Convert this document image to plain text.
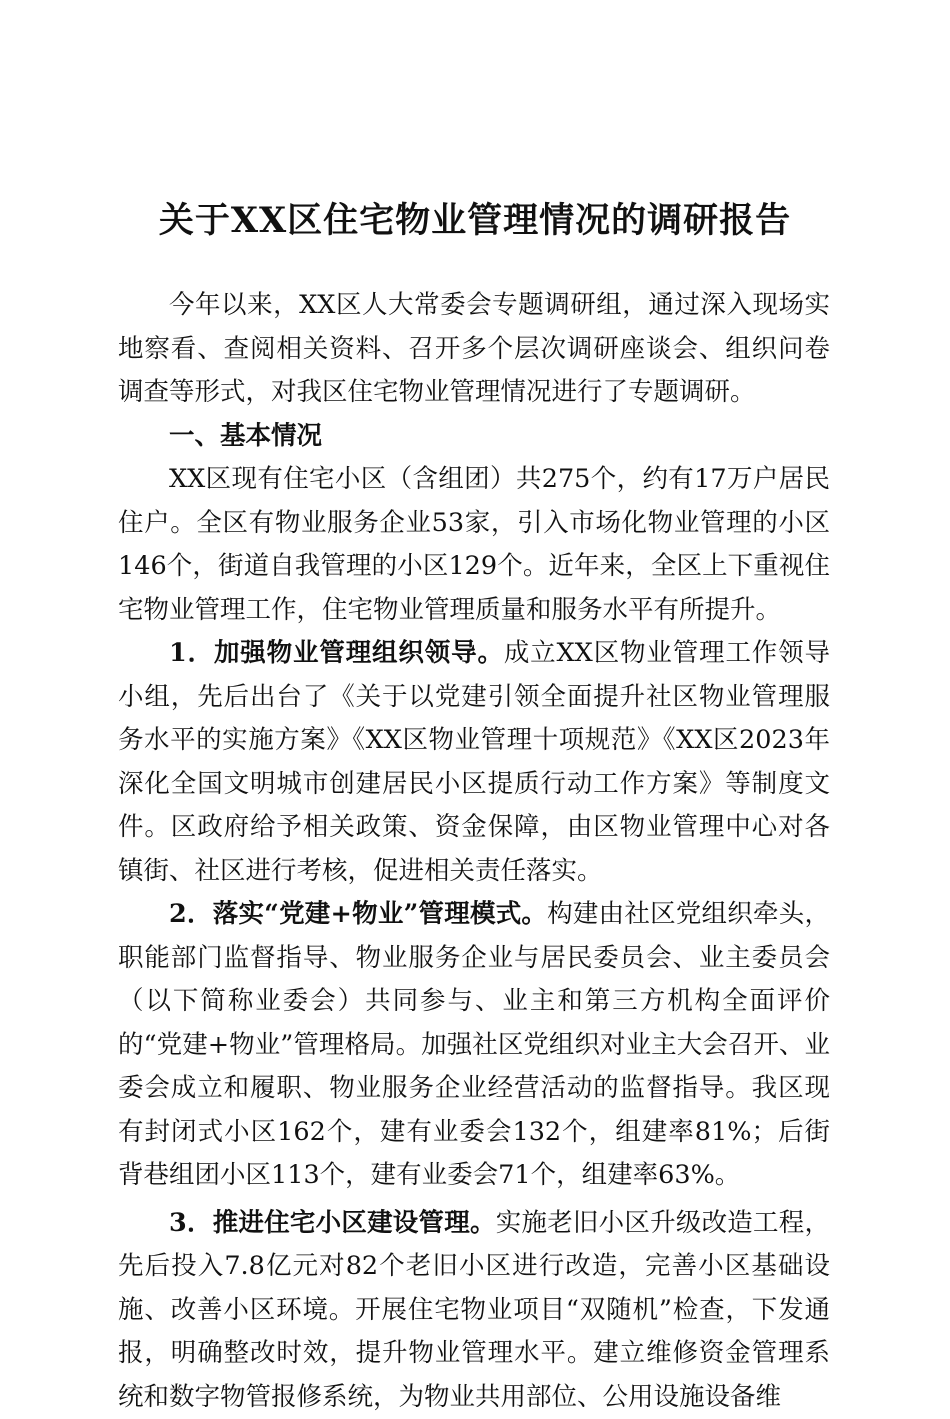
关于XX区住宅物业管理情况的调研报告

今年以来，XX区人大常委会专题调研组，通过深入现场实地察看、查阅相关资料、召开多个层次调研座谈会、组织问卷调查等形式，对我区住宅物业管理情况进行了专题调研。

一、基本情况

XX区现有住宅小区（含组团）共275个，约有17万户居民住户。全区有物业服务企业53家，引入市场化物业管理的小区146个，街道自我管理的小区129个。近年来，全区上下重视住宅物业管理工作，住宅物业管理质量和服务水平有所提升。

1．加强物业管理组织领导。成立XX区物业管理工作领导小组，先后出台了《关于以党建引领全面提升社区物业管理服务水平的实施方案》《XX区物业管理十项规范》《XX区2023年深化全国文明城市创建居民小区提质行动工作方案》等制度文件。区政府给予相关政策、资金保障，由区物业管理中心对各镇街、社区进行考核，促进相关责任落实。

2．落实“党建+物业”管理模式。构建由社区党组织牵头，职能部门监督指导、物业服务企业与居民委员会、业主委员会（以下简称业委会）共同参与、业主和第三方机构全面评价的“党建+物业”管理格局。加强社区党组织对业主大会召开、业委会成立和履职、物业服务企业经营活动的监督指导。我区现有封闭式小区162个，建有业委会132个，组建率81%；后街背巷组团小区113个，建有业委会71个，组建率63%。

3．推进住宅小区建设管理。实施老旧小区升级改造工程，先后投入7.8亿元对82个老旧小区进行改造，完善小区基础设施、改善小区环境。开展住宅物业项目“双随机”检查，下发通报，明确整改时效，提升物业管理水平。建立维修资金管理系统和数字物管报修系统，为物业共用部位、公用设施设备维
